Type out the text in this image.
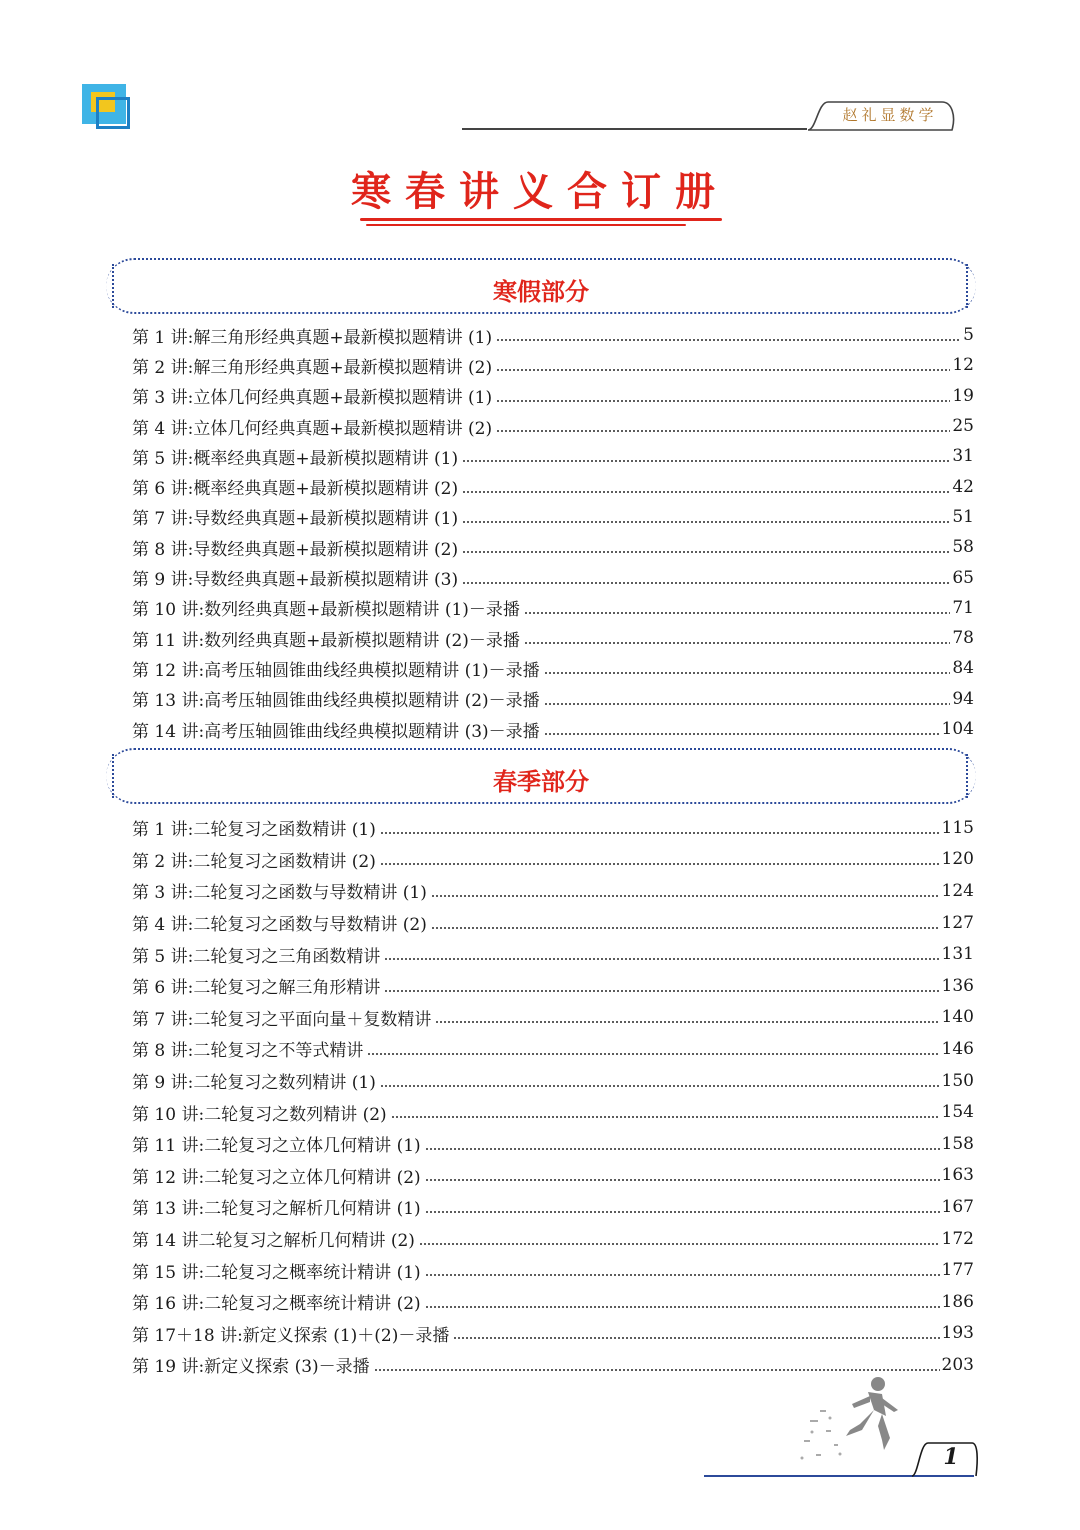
赵礼显数学
寒春讲义合订册
寒假部分
第 1 讲:解三角形经典真题+最新模拟题精讲 (1)	5
第 2 讲:解三角形经典真题+最新模拟题精讲 (2)	12
第 3 讲:立体几何经典真题+最新模拟题精讲 (1)	19
第 4 讲:立体几何经典真题+最新模拟题精讲 (2)	25
第 5 讲:概率经典真题+最新模拟题精讲 (1)	31
第 6 讲:概率经典真题+最新模拟题精讲 (2)	42
第 7 讲:导数经典真题+最新模拟题精讲 (1)	51
第 8 讲:导数经典真题+最新模拟题精讲 (2)	58
第 9 讲:导数经典真题+最新模拟题精讲 (3)	65
第 10 讲:数列经典真题+最新模拟题精讲 (1)－录播	71
第 11 讲:数列经典真题+最新模拟题精讲 (2)－录播	78
第 12 讲:高考压轴圆锥曲线经典模拟题精讲 (1)－录播	84
第 13 讲:高考压轴圆锥曲线经典模拟题精讲 (2)－录播	94
第 14 讲:高考压轴圆锥曲线经典模拟题精讲 (3)－录播	104
春季部分
第 1 讲:二轮复习之函数精讲 (1)	115
第 2 讲:二轮复习之函数精讲 (2)	120
第 3 讲:二轮复习之函数与导数精讲 (1)	124
第 4 讲:二轮复习之函数与导数精讲 (2)	127
第 5 讲:二轮复习之三角函数精讲	131
第 6 讲:二轮复习之解三角形精讲	136
第 7 讲:二轮复习之平面向量＋复数精讲	140
第 8 讲:二轮复习之不等式精讲	146
第 9 讲:二轮复习之数列精讲 (1)	150
第 10 讲:二轮复习之数列精讲 (2)	154
第 11 讲:二轮复习之立体几何精讲 (1)	158
第 12 讲:二轮复习之立体几何精讲 (2)	163
第 13 讲:二轮复习之解析几何精讲 (1)	167
第 14 讲二轮复习之解析几何精讲 (2)	172
第 15 讲:二轮复习之概率统计精讲 (1)	177
第 16 讲:二轮复习之概率统计精讲 (2)	186
第 17＋18 讲:新定义探索 (1)＋(2)－录播	193
第 19 讲:新定义探索 (3)－录播	203
1
